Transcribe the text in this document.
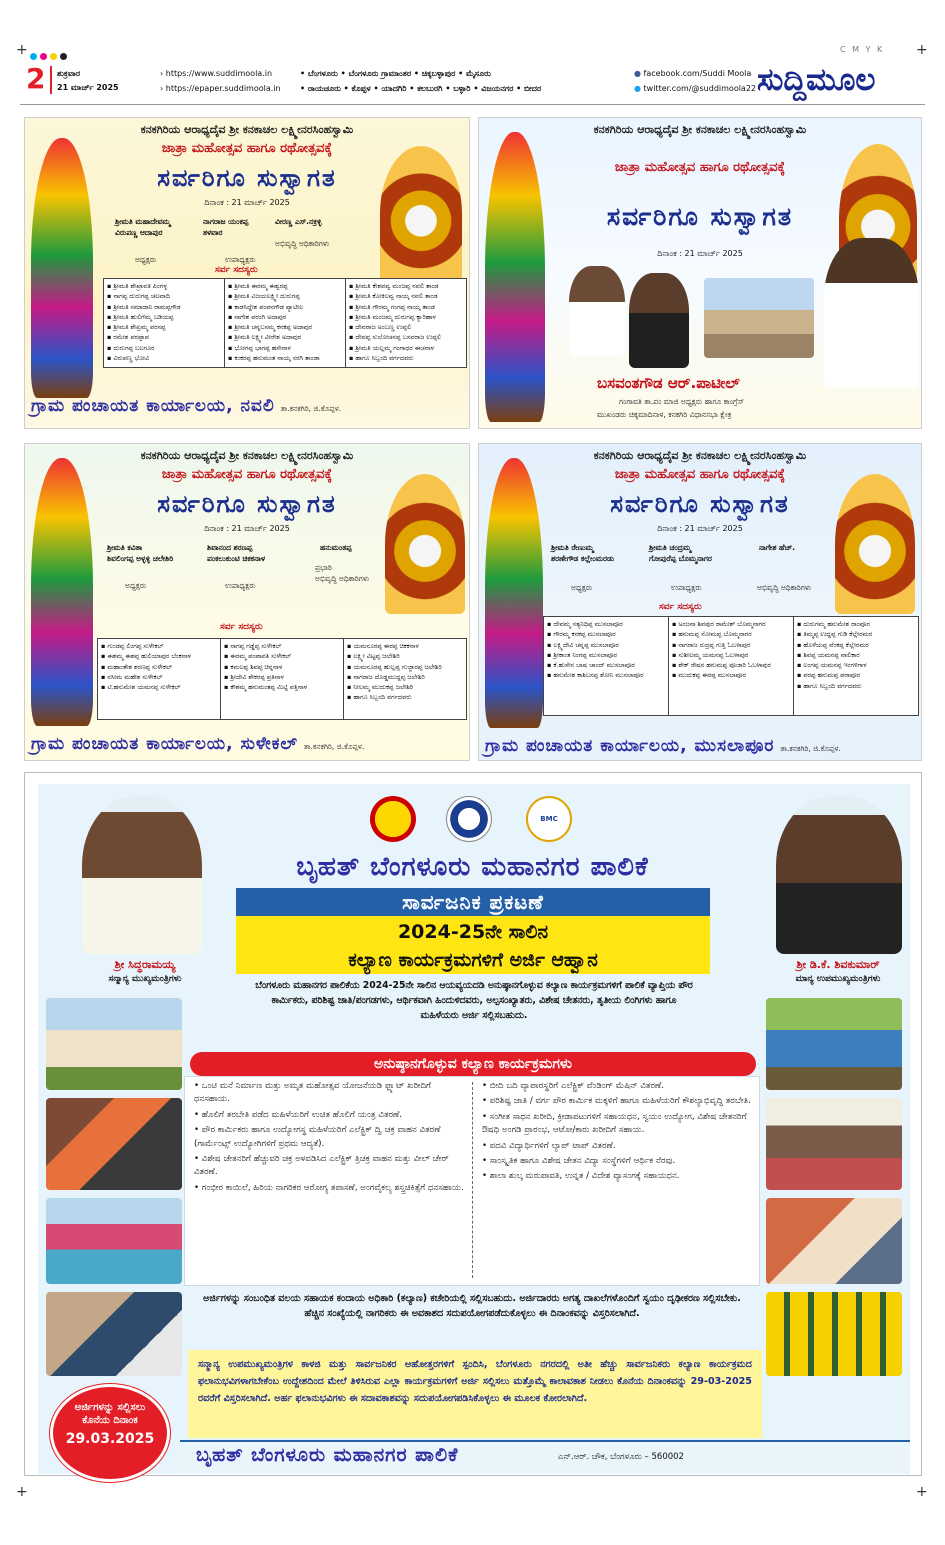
+	+
+	+
C M Y K
2 ಶುಕ್ರವಾರ
21 ಮಾರ್ಚ್ 2025
› https://www.suddimoola.in
› https://epaper.suddimoola.in
• ಬೆಂಗಳೂರು • ಬೆಂಗಳೂರು ಗ್ರಾಮಾಂತರ • ಚಿಕ್ಕಬಳ್ಳಾಪುರ • ಮೈಸೂರು
• ರಾಯಚೂರು • ಕೊಪ್ಪಳ • ಯಾದಗಿರಿ • ಕಲಬುರಗಿ • ಬಳ್ಳಾರಿ • ವಿಜಯನಗರ • ಬೀದರ
● facebook.com/Suddi Moola
● twitter.com/@suddimoola22 ಸುದ್ದಿಮೂಲ
ಕನಕಗಿರಿಯ ಆರಾಧ್ಯದೈವ ಶ್ರೀ ಕನಕಾಚಲ ಲಕ್ಷ್ಮೀನರಸಿಂಹಸ್ವಾಮಿ
ಜಾತ್ರಾ ಮಹೋತ್ಸವ ಹಾಗೂ ರಥೋತ್ಸವಕ್ಕೆ
ಸರ್ವರಿಗೂ ಸುಸ್ವಾಗತ
ದಿನಾಂಕ : 21 ಮಾರ್ಚ್ 2025
ಶ್ರೀಮತಿ ಮಹಾದೇವಮ್ಮ
ವಿರುಪಣ್ಣ ಆದಾಪುರ
ಅಧ್ಯಕ್ಷರು
ನಾಗರಾಜ ಯಂಕಪ್ಪ
ತಳವಾರ
ಉಪಾಧ್ಯಕ್ಷರು
ವೀರಣ್ಣ ಎಸ್.ನಕ್ರಳ್ಳಿ
ಅಭಿವೃದ್ಧಿ ಅಧಿಕಾರಿಗಳು
ಸರ್ವ ಸದಸ್ಯರು
▪ ಶ್ರೀಮತಿ ಶೇಖ್ರಾವತಿ ಪಿಂಗಳ್ಳ
▪ ನಾಗಪ್ಪ ದುರುಗಪ್ಪ ಚಲವಾದಿ
▪ ಶ್ರೀಮತಿ ಸಮಾದಾನಿ ರಾಮಪ್ಪಗೌಡ
▪ ಶ್ರೀಮತಿ ಹುಲಿಗೆಮ್ಮ ಬಡಿಯಪ್ಪ
▪ ಶ್ರೀಮತಿ ಶೇಖ್ರಮ್ಮ ಪರಸಪ್ಪ
▪ ರಮೇಶ ಪರಪ್ಪಾಪ
▪ ದುರುಗಪ್ಪ ಬಲಗೂರ
▪ ವಿರುಪಣ್ಣ ಭೋವಿ
▪ ಶ್ರೀಮತಿ ಈರಮ್ಮ ಈಶ್ವರಪ್ಪ
▪ ಶ್ರೀಮತಿ ವಿಜಯಲಕ್ಷ್ಮೀ ದುರುಗಪ್ಪ
▪ ಕಾಡಸಿದ್ದೇಶ ಪಂಪನಗೌಡ ಪ್ಯಾಟೀಲ
▪ ನಾಗೇಶ ಪರಂಗಿ ಅದಾಪುರ
▪ ಶ್ರೀಮತಿ ಚನ್ನಬಸಮ್ಮ ಕನಕಪ್ಪ ಅದಾಪುರ
▪ ಶ್ರೀಮತಿ ಲಕ್ಷ್ಮೀ ವೀರೇಶ ಅದಾಪುರ
▪ ಭೋಗಪ್ಪ ಭಾಗಪ್ಪ ಹಸೇನಾಳ
▪ ಕಂಕರಪ್ಪ ಹನುಮಂತ ನಾಯ್ಕ ಸರಗಿ ತಾಂಡಾ
▪ ಶ್ರೀಮತಿ ಕೇಶವವ್ವ ಮಂಜಪ್ಪ ನವಲಿ ತಾಂಡ
▪ ಶ್ರೀಮತಿ ಕೋಕಿಲವ್ವ ನಾಯ್ಕ ನವಲಿ ತಾಂಡ
▪ ಶ್ರೀಮತಿ ಗೌರಮ್ಮ ಗಂಗಪ್ಪ ನಾಯ್ಕ ತಾಂಡ
▪ ಶ್ರೀಮತಿ ಮಂಜಮ್ಮ ದುರುಗಪ್ಪ ಕ್ಯಾರಿಹಾಳ
▪ ದೇವರಾಜ ಅಂಬಣ್ಣ ಉಪ್ಪಲಿ
▪ ದೇವಪ್ಪ ಸುಲೋಚನಪ್ಪ ಬಸವರಾಜ ಉಪ್ಪಲಿ
▪ ಶ್ರೀಮತಿ ಯಲ್ಲಮ್ಮ ಗಂಗಾಧರ ಈಚನಾಳ
▪ ಹಾಗೂ ಸಿಬ್ಬಂದಿ ವರ್ಗದವರು
ಗ್ರಾಮ ಪಂಚಾಯತ ಕಾರ್ಯಾಲಯ, ನವಲಿ ತಾ.ಕನಕಗಿರಿ, ಜಿ.ಕೊಪ್ಪಳ.
ಕನಕಗಿರಿಯ ಆರಾಧ್ಯದೈವ ಶ್ರೀ ಕನಕಾಚಲ ಲಕ್ಷ್ಮೀನರಸಿಂಹಸ್ವಾಮಿ
ಜಾತ್ರಾ ಮಹೋತ್ಸವ ಹಾಗೂ ರಥೋತ್ಸವಕ್ಕೆ
ಸರ್ವರಿಗೂ ಸುಸ್ವಾಗತ
ದಿನಾಂಕ : 21 ಮಾರ್ಚ್ 2025
ಬಸವಂತಗೌಡ ಆರ್.ಪಾಟೀಲ್
ಗಂಗಾವತಿ ತಾ.ಪಂ ಮಾಜಿ ಅಧ್ಯಕ್ಷರು ಹಾಗೂ ಕಾಂಗ್ರೆಸ್
ಮುಖಂಡರು ಚಿಕ್ಕಮಾದಿನಾಳ, ಕನಕಗಿರಿ ವಿಧಾನಸಭಾ ಕ್ಷೇತ್ರ
ಕನಕಗಿರಿಯ ಆರಾಧ್ಯದೈವ ಶ್ರೀ ಕನಕಾಚಲ ಲಕ್ಷ್ಮೀನರಸಿಂಹಸ್ವಾಮಿ
ಜಾತ್ರಾ ಮಹೋತ್ಸವ ಹಾಗೂ ರಥೋತ್ಸವಕ್ಕೆ
ಸರ್ವರಿಗೂ ಸುಸ್ವಾಗತ
ದಿನಾಂಕ : 21 ಮಾರ್ಚ್ 2025
ಶ್ರೀಮತಿ ಕವಿತಾ
ಶಿವಲಿಂಗಪ್ಪ ಅಳ್ಳಳ್ಳಿ ಚಲೇಶಿರಿ
ಅಧ್ಯಕ್ಷರು
ಶಿವಾನಂದ ಶರಣಪ್ಪ
ಪಂಕಲುಕುಂಟಿ ಚಿಕಕನಾಳ
ಉಪಾಧ್ಯಕ್ಷರು
ಹನುಮಂತಪ್ಪ
ಪ್ರಭಾರಿ
ಅಭಿವೃದ್ಧಿ ಅಧಿಕಾರಿಗಳು
ಸರ್ವ ಸದಸ್ಯರು
▪ ಗುಂಡಪ್ಪ ಲಿಂಗಪ್ಪ ಸುಳೇಕಲ್
▪ ಈಶಮ್ಮ ಈಶಪ್ಪ ಹುಲಿಯಾಪುರ ಬೆಂಕನಾಳ
▪ ಮಹಾಂತೇಶ ಶರಣಪ್ಪ ಸುಳೇಕಲ್
▪ ನಸೀಮ ಮಹೇಶ ಸುಳೇಕಲ್
▪ ಟಿ.ಹನುಮೇಶ ಯಮನಪ್ಪ ಸುಳೇಕಲ್
▪ ನಾಗಪ್ಪ ಗಡ್ಡೆಪ್ಪ ಸುಳೇಕಲ್
▪ ಈರಮ್ಮ ಪಂಪಾಪತಿ ಸುಳೇಕಲ್
▪ ಕಮಲಪ್ಪ ಶಿವಪ್ಪ ಚಿನ್ನನಾಳ
▪ ಶ್ರೀದೇವಿ ಶೇಕರಪ್ಪ ಪ್ರತಿನಾಳ
▪ ಕೌಶಮ್ಮ ಹನುಮಂತಪ್ಪ ಮಿಟ್ಟಿ ಪತ್ತಿನಾಳ
▪ ಯಮನೂರಪ್ಪ ಈರಪ್ಪ ಚಿಕಕನಾಳ
▪ ಲಕ್ಷ್ಮೀ ವಿಟ್ಟಪ್ಪ ಜಲೇಶಿರಿ
▪ ಯಮನೂರಪ್ಪ ಹುಲ್ಲಪ್ಪ ಗುಜ್ಜಾರಪ್ಪ ಜಲೇಶಿರಿ
▪ ನಾಗರಾಜ ದೊಡ್ಡಮುದ್ದಪ್ಪ ಜಲೇಶಿರಿ
▪ ನೀಲಮ್ಮ ಮುದುಕಪ್ಪ ಜಲೇಶಿರಿ
▪ ಹಾಗೂ ಸಿಬ್ಬಂದಿ ವರ್ಗದವರು
ಗ್ರಾಮ ಪಂಚಾಯತ ಕಾರ್ಯಾಲಯ, ಸುಳೇಕಲ್ ತಾ.ಕನಕಗಿರಿ, ಜಿ.ಕೊಪ್ಪಳ.
ಕನಕಗಿರಿಯ ಆರಾಧ್ಯದೈವ ಶ್ರೀ ಕನಕಾಚಲ ಲಕ್ಷ್ಮೀನರಸಿಂಹಸ್ವಾಮಿ
ಜಾತ್ರಾ ಮಹೋತ್ಸವ ಹಾಗೂ ರಥೋತ್ಸವಕ್ಕೆ
ಸರ್ವರಿಗೂ ಸುಸ್ವಾಗತ
ದಿನಾಂಕ : 21 ಮಾರ್ಚ್ 2025
ಶ್ರೀಮತಿ ರೇಣುಮ್ಮ
ಶರಣೇಗೌಡ ಕಲ್ಲೇಂಮರಡು
ಅಧ್ಯಕ್ಷರು
ಶ್ರೀಮತಿ ಚಂದ್ರಮ್ಮ
ಗೋಪುರೆಪ್ಪ ಬೊಮ್ಮನಾಗರ
ಉಪಾಧ್ಯಕ್ಷರು
ನಾಗೇಶ ಹೆಚ್.
ಅಭಿವೃದ್ಧಿ ಅಧಿಕಾರಿಗಳು
ಸರ್ವ ಸದಸ್ಯರು
▪ ದೇವಮ್ಮ ಸತ್ಯನಿಧಿಪ್ಪ ಮುಸಲಾಪೂರ
▪ ಗೌರಮ್ಮ ಕನಕಪ್ಪ ಮುಸಲಾಪೂರ
▪ ಲಕ್ಷ್ಮಿದೇವಿ ಚನ್ನಪ್ಪ ಮುಸಲಾಪೂರ
▪ ಶ್ರೀಕಾಂತ ನಿಂಗಪ್ಪ ಮುಸಲಾಪೂರ
▪ ಕೆ.ಹುಸೇನ ಬಾಷ ಚಾಂದ್‌ ಮುಸಲಾಪೂರ
▪ ಹನುಮೇಶ ಕಾಶಿಬಸಪ್ಪ ಶೋನಿ ಮುಸಲಾಪೂರ
▪ ಅಂಜನಾ ಶಿವಪುರ ರಾಮೇಶ್ ಬೊಮ್ಮನಾಗರ
▪ ಹನುಮಪ್ಪ ಸೋಮಪ್ಪ ಬೊಮ್ಮನಾಗರ
▪ ನಾಗರಾಜ ರುದ್ರಪ್ಪ ಗುತ್ತಿ ಓಬಳಾಪುರ
▪ ಸುಶೀಲಮ್ಮ ಯಮನಪ್ಪ ಓಬಳಾಪುರ
▪ ಶೇಕ್ ರೇಷನ ಹನುಮಪ್ಪ ಪೂಜಾರಿ ಓಬಳಾಪುರ
▪ ಮುದುಕಪ್ಪ ಈರಪ್ಪ ಮುಸಲಾಪೂರ
▪ ದುರುಗಮ್ಮ ಹನುಮೇಶ ರಾಂಪೂರ
▪ ತಿಮ್ಮಪ್ಪ ಉದ್ದಪ್ಪ ಗುಡಿ ಕೆಲ್ಲೇರಮರ
▪ ಹೊಳೆಯಪ್ಪ ವೆಂಕಪ್ಪ ಕೆಲ್ಲೇರಮರ
▪ ಶಿವಪ್ಪ ಯಮನಪ್ಪ ವಾಲಿಕಾರ
▪ ಲಂಗಪ್ಪ ಯಮನಪ್ಪ ಇಂಗಳಿಗಾಳ
▪ ಪರಪ್ಪ ಹನುಮಪ್ಪ ಪರಾಪೂರ
▪ ಹಾಗೂ ಸಿಬ್ಬಂದಿ ವರ್ಗದವರು
ಗ್ರಾಮ ಪಂಚಾಯತ ಕಾರ್ಯಾಲಯ, ಮುಸಲಾಪೂರ ತಾ.ಕನಕಗಿರಿ, ಜಿ.ಕೊಪ್ಪಳ.
BMC
ಬೃಹತ್ ಬೆಂಗಳೂರು ಮಹಾನಗರ ಪಾಲಿಕೆ
ಶ್ರೀ ಸಿದ್ಧರಾಮಯ್ಯ
ಸನ್ಮಾನ್ಯ ಮುಖ್ಯಮಂತ್ರಿಗಳು
ಶ್ರೀ ಡಿ.ಕೆ. ಶಿವಕುಮಾರ್
ಮಾನ್ಯ ಉಪಮುಖ್ಯಮಂತ್ರಿಗಳು
ಸಾರ್ವಜನಿಕ ಪ್ರಕಟಣೆ
2024-25ನೇ ಸಾಲಿನ
ಕಲ್ಯಾಣ ಕಾರ್ಯಕ್ರಮಗಳಿಗೆ ಅರ್ಜಿ ಆಹ್ವಾನ
ಬೆಂಗಳೂರು ಮಹಾನಗರ ಪಾಲಿಕೆಯ 2024-25ನೇ ಸಾಲಿನ ಆಯವ್ಯಯದಡಿ ಅನುಷ್ಠಾನಗೊಳ್ಳುವ ಕಲ್ಯಾಣ ಕಾರ್ಯಕ್ರಮಗಳಿಗೆ ಪಾಲಿಕೆ ವ್ಯಾಪ್ತಿಯ ಪೌರ ಕಾರ್ಮಿಕರು, ಪರಿಶಿಷ್ಟ ಜಾತಿ/ಪಂಗಡಗಳು, ಆರ್ಥಿಕವಾಗಿ ಹಿಂದುಳಿದವರು, ಅಲ್ಪಸಂಖ್ಯಾತರು, ವಿಶೇಷ ಚೇತನರು, ತೃತೀಯ ಲಿಂಗಿಗಳು ಹಾಗೂ ಮಹಿಳೆಯರು ಅರ್ಜಿ ಸಲ್ಲಿಸಬಹುದು.
ಅನುಷ್ಠಾನಗೊಳ್ಳುವ ಕಲ್ಯಾಣ ಕಾರ್ಯಕ್ರಮಗಳು
• ಒಂಟಿ ಮನೆ ನಿರ್ಮಾಣ ಮತ್ತು ಅಮೃತ ಮಹೋತ್ಸವ ಯೋಜನೆಯಡಿ ಫ್ಲ್ಯಾಟ್ ಖರೀದಿಗೆ ಧನಸಹಾಯ.
• ಹೊಲಿಗೆ ತರಬೇತಿ ಪಡೆದ ಮಹಿಳೆಯರಿಗೆ ಉಚಿತ ಹೊಲಿಗೆ ಯಂತ್ರ ವಿತರಣೆ.
• ಪೌರ ಕಾರ್ಮಿಕರು ಹಾಗೂ ಉದ್ಯೋಗಸ್ಥ ಮಹಿಳೆಯರಿಗೆ ಎಲೆಕ್ಟ್ರಿಕ್ ದ್ವಿ ಚಕ್ರ ವಾಹನ ವಿತರಣೆ (ಗಾರ್ಮೆಂಟ್ಸ್ ಉದ್ಯೋಗಿಗಳಿಗೆ ಪ್ರಥಮ ಆದ್ಯತೆ).
• ವಿಶೇಷ ಚೇತನರಿಗೆ ಹೆಚ್ಚುವರಿ ಚಕ್ರ ಅಳವಡಿಸಿದ ಎಲೆಕ್ಟ್ರಿಕ್ ತ್ರಿಚಕ್ರ ವಾಹನ ಮತ್ತು ವೀಲ್ ಚೇರ್ ವಿತರಣೆ.
• ಗಂಭೀರ ಕಾಯಿಲೆ, ಹಿರಿಯ ನಾಗರಿಕರ ಆರೋಗ್ಯ ತಪಾಸಣೆ, ಅಂಗವೈಕಲ್ಯ ಶಸ್ತ್ರಚಿಕಿತ್ಸೆಗೆ ಧನಸಹಾಯ.
• ಬೀದಿ ಬದಿ ವ್ಯಾಪಾರಸ್ಥರಿಗೆ ಎಲೆಕ್ಟ್ರಿಕ್ ವೆಂಡಿಂಗ್ ಮೆಷಿನ್ ವಿತರಣೆ.
• ಪರಿಶಿಷ್ಟ ಜಾತಿ / ವರ್ಗ ಪೌರ ಕಾರ್ಮಿಕ ಮಕ್ಕಳಿಗೆ ಹಾಗೂ ಮಹಿಳೆಯರಿಗೆ ಕೌಶಲ್ಯಾಭಿವೃದ್ಧಿ ತರಬೇತಿ.
• ಸಂಗೀತ ಸಾಧನ ಖರೀದಿ, ಕ್ರೀಡಾಪಟುಗಳಿಗೆ ಸಹಾಯಧನ, ಸ್ವಯಂ ಉದ್ಯೋಗ, ವಿಶೇಷ ಚೇತನರಿಗೆ ಔಷಧಿ ಅಂಗಡಿ ಪ್ರಾರಂಭ, ಆಟೋ/ಕಾರು ಖರೀದಿಗೆ ಸಹಾಯ.
• ಪದವಿ ವಿದ್ಯಾರ್ಥಿಗಳಿಗೆ ಲ್ಯಾಪ್ ಟಾಪ್ ವಿತರಣೆ.
• ಸಾಂಸ್ಕೃತಿಕ ಹಾಗೂ ವಿಶೇಷ ಚೇತನ ವಿದ್ಯಾ ಸಂಸ್ಥೆಗಳಿಗೆ ಆರ್ಥಿಕ ನೆರವು.
• ಶಾಲಾ ಶುಲ್ಕ ಮರುಪಾವತಿ, ಉನ್ನತ / ವಿದೇಶ ವ್ಯಾಸಂಗಕ್ಕೆ ಸಹಾಯಧನ.
ಅರ್ಜಿಗಳನ್ನು ಸಂಬಂಧಿತ ವಲಯ ಸಹಾಯಕ ಕಂದಾಯ ಅಧಿಕಾರಿ (ಕಲ್ಯಾಣ) ಕಚೇರಿಯಲ್ಲಿ ಸಲ್ಲಿಸಬಹುದು. ಅರ್ಜಿದಾರರು ಅಗತ್ಯ ದಾಖಲೆಗಳೊಂದಿಗೆ ಸ್ವಯಂ ದೃಢೀಕರಣ ಸಲ್ಲಿಸಬೇಕು. ಹೆಚ್ಚಿನ ಸಂಖ್ಯೆಯಲ್ಲಿ ನಾಗರಿಕರು ಈ ಅವಕಾಶದ ಸದುಪಯೋಗಪಡೆದುಕೊಳ್ಳಲು ಈ ದಿನಾಂಕವನ್ನು ವಿಸ್ತರಿಸಲಾಗಿದೆ.
ಸನ್ಮಾನ್ಯ ಉಪಮುಖ್ಯಮಂತ್ರಿಗಳ ಕಾಳಜಿ ಮತ್ತು ಸಾರ್ವಜನಿಕರ ಆಹೋತ್ತರಗಳಿಗೆ ಸ್ಪಂದಿಸಿ, ಬೆಂಗಳೂರು ನಗರದಲ್ಲಿ ಅತೀ ಹೆಚ್ಚು ಸಾರ್ವಜನಿಕರು ಕಲ್ಯಾಣ ಕಾರ್ಯಕ್ರಮದ ಫಲಾನುಭವಿಗಳಾಗಬೇಕೆಂಬ ಉದ್ದೇಶದಿಂದ ಮೇಲೆ ತಿಳಿಸಿರುವ ಎಲ್ಲಾ ಕಾರ್ಯಕ್ರಮಗಳಿಗೆ ಅರ್ಜಿ ಸಲ್ಲಿಸಲು ಮತ್ತೊಮ್ಮೆ ಕಾಲಾವಕಾಶ ನೀಡಲು ಕೊನೆಯ ದಿನಾಂಕವನ್ನು 29-03-2025 ರವರೆಗೆ ವಿಸ್ತರಿಸಲಾಗಿದೆ. ಅರ್ಹ ಫಲಾನುಭವಿಗಳು ಈ ಸದಾವಕಾಶವನ್ನು ಸದುಪಯೋಗಪಡಿಸಿಕೊಳ್ಳಲು ಈ ಮೂಲಕ ಕೋರಲಾಗಿದೆ.
ಅರ್ಜಿಗಳನ್ನು ಸಲ್ಲಿಸಲು ಕೊನೆಯ ದಿನಾಂಕ
29.03.2025
ಬೃಹತ್ ಬೆಂಗಳೂರು ಮಹಾನಗರ ಪಾಲಿಕೆ	ಎನ್.ಆರ್. ಚೌಕ, ಬೆಂಗಳೂರು – 560002
